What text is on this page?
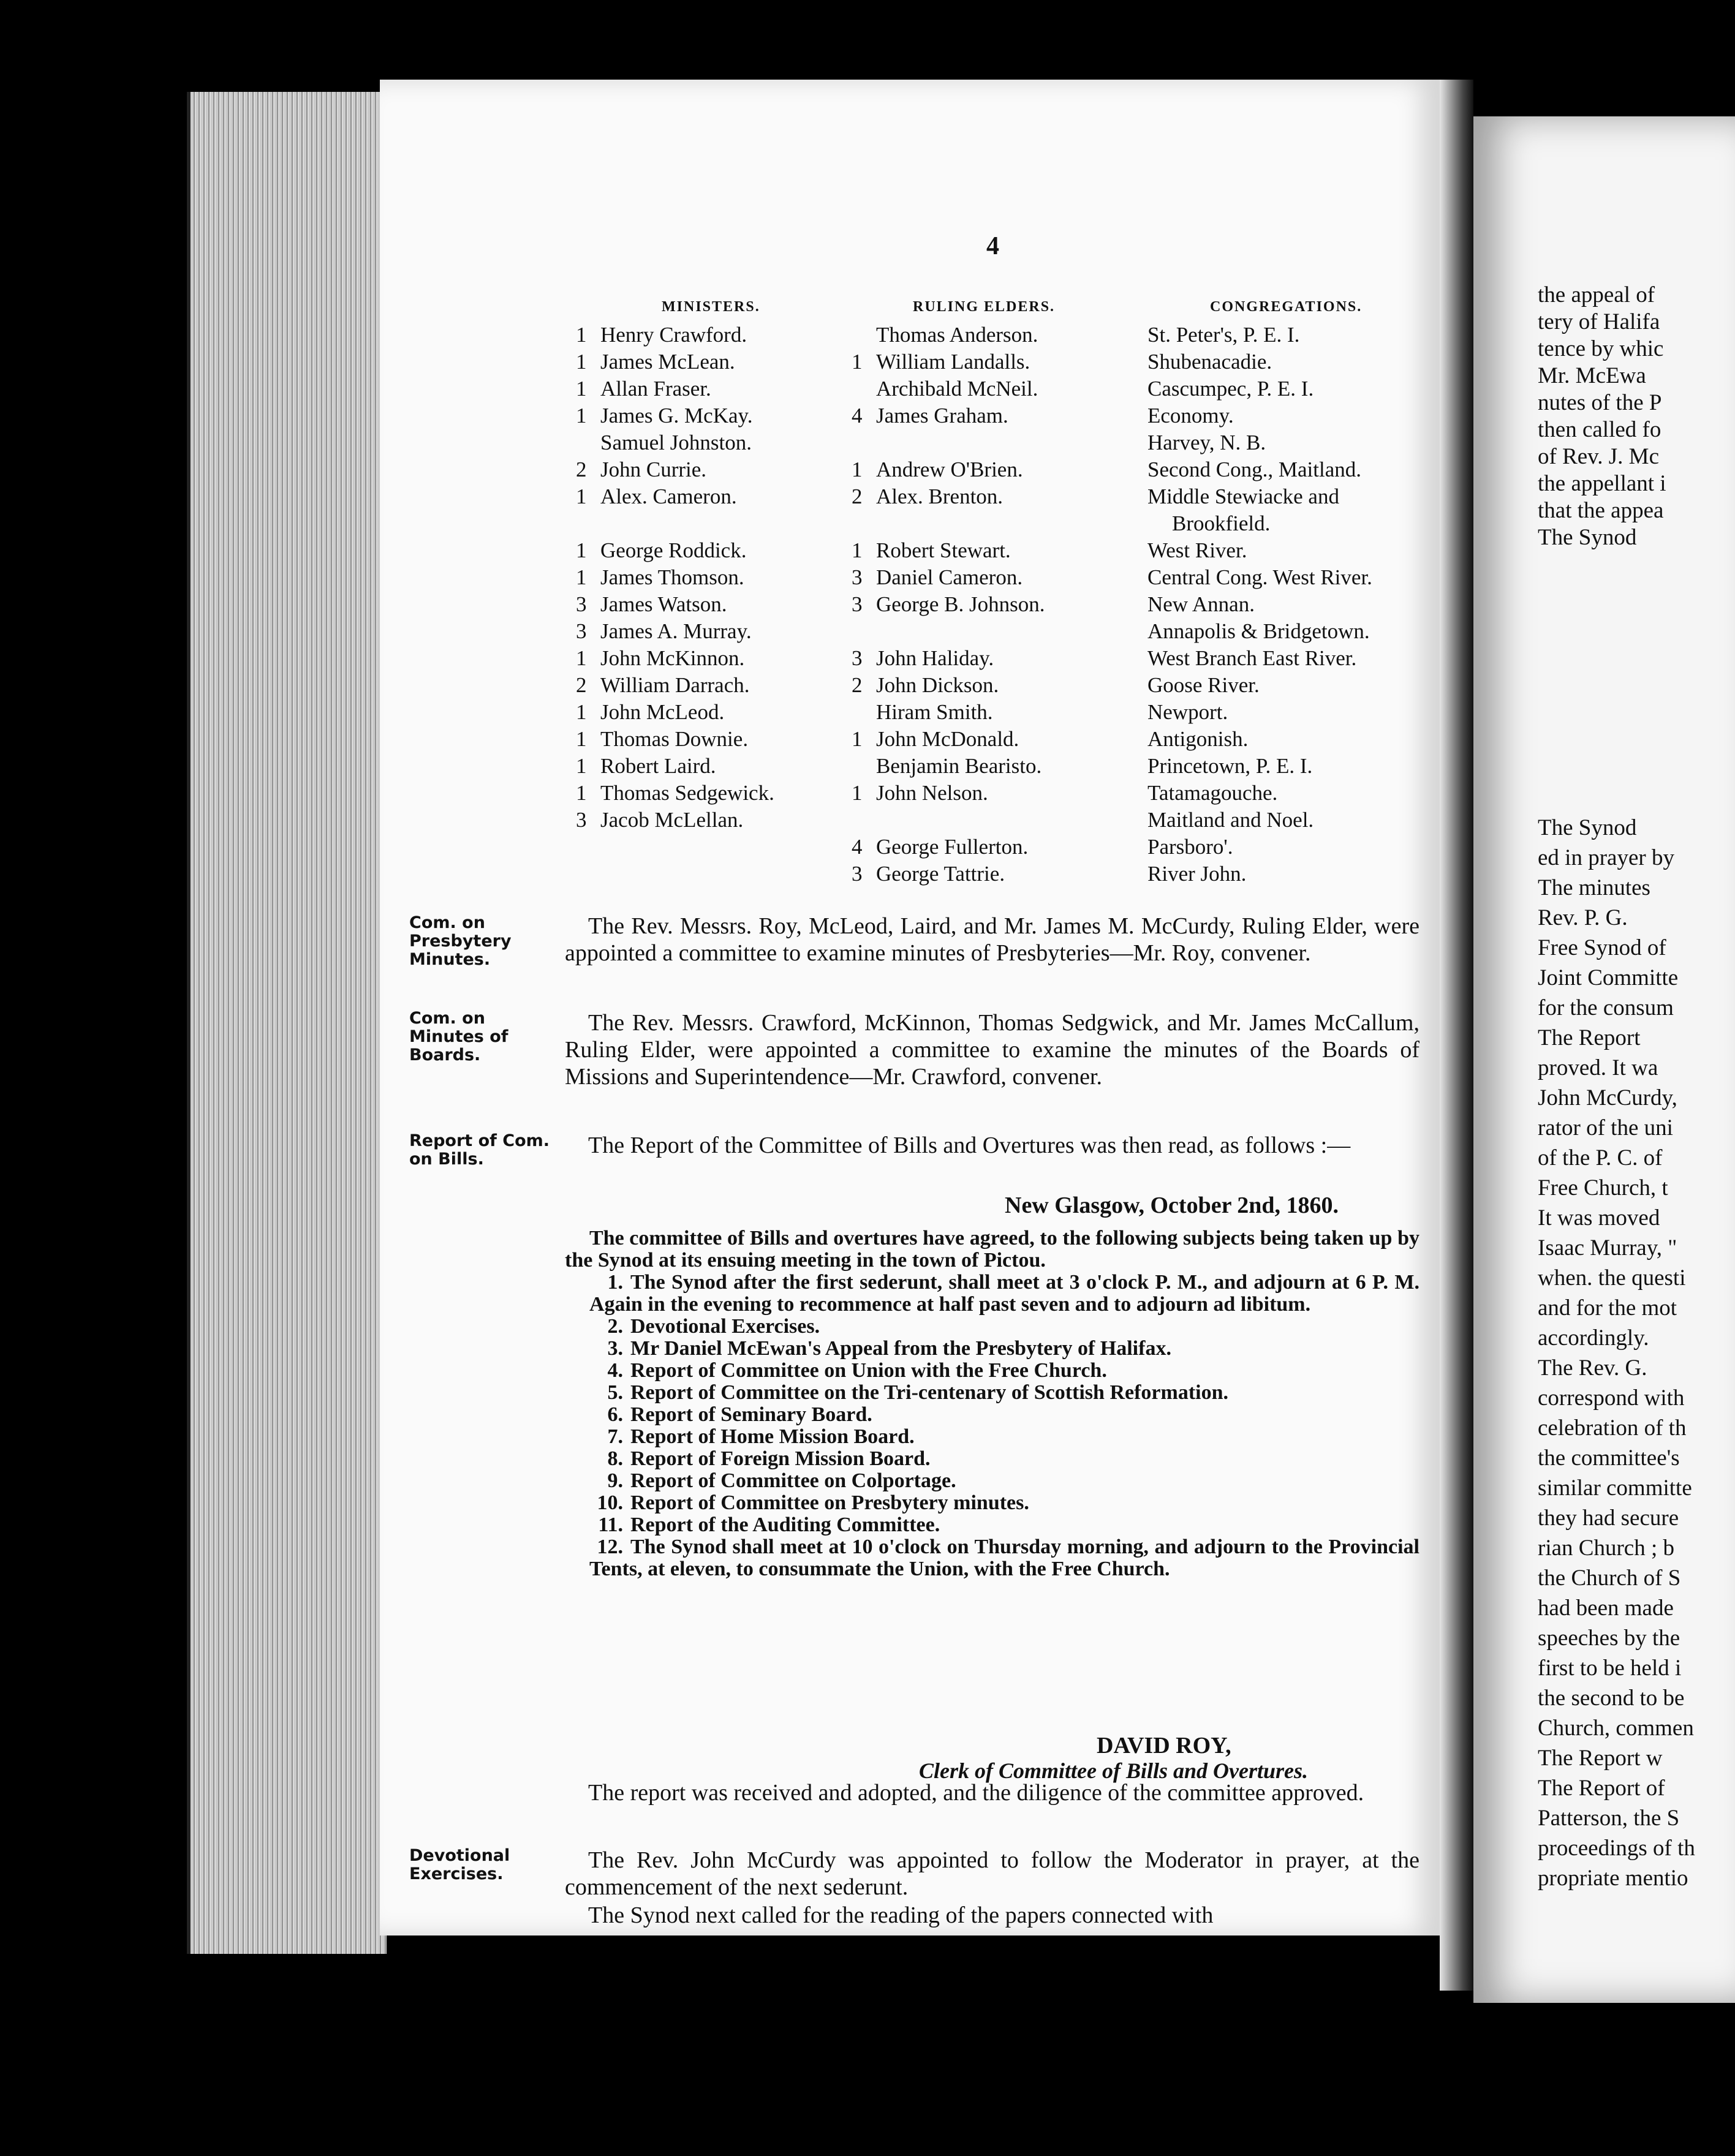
4
MINISTERS.	RULING ELDERS.	CONGREGATIONS.
1 Henry Crawford.
1 James McLean.
1 Allan Fraser.
1 James G. McKay.
Samuel Johnston.
2 John Currie.
1 Alex. Cameron.
1 George Roddick.
1 James Thomson.
3 James Watson.
3 James A. Murray.
1 John McKinnon.
2 William Darrach.
1 John McLeod.
1 Thomas Downie.
1 Robert Laird.
1 Thomas Sedgewick.
3 Jacob McLellan.
Thomas Anderson.
1 William Landalls.
Archibald McNeil.
4 James Graham.
1 Andrew O'Brien.
2 Alex. Brenton.
1 Robert Stewart.
3 Daniel Cameron.
3 George B. Johnson.
3 John Haliday.
2 John Dickson.
Hiram Smith.
1 John McDonald.
Benjamin Bearisto.
1 John Nelson.
4 George Fullerton.
3 George Tattrie.
St. Peter's, P. E. I.
Shubenacadie.
Cascumpec, P. E. I.
Economy.
Harvey, N. B.
Second Cong., Maitland.
Middle Stewiacke and
Brookfield.
West River.
Central Cong. West River.
New Annan.
Annapolis & Bridgetown.
West Branch East River.
Goose River.
Newport.
Antigonish.
Princetown, P. E. I.
Tatamagouche.
Maitland and Noel.
Parsboro'.
River John.
Com. on Presbytery Minutes.
Com. on Minutes of Boards.
Report of Com. on Bills.
Devotional Exercises.
The Rev. Messrs. Roy, McLeod, Laird, and Mr. James M. McCurdy, Ruling Elder, were appointed a committee to examine minutes of Presbyteries—Mr. Roy, convener.
The Rev. Messrs. Crawford, McKinnon, Thomas Sedgwick, and Mr. James McCallum, Ruling Elder, were appointed a committee to examine the minutes of the Boards of Missions and Superintendence—Mr. Crawford, convener.
The Report of the Committee of Bills and Overtures was then read, as follows :—
New Glasgow, October 2nd, 1860.
The committee of Bills and overtures have agreed, to the following subjects being taken up by the Synod at its ensuing meeting in the town of Pictou.
1. The Synod after the first sederunt, shall meet at 3 o'clock P. M., and adjourn at 6 P. M. Again in the evening to recommence at half past seven and to adjourn ad libitum.
2. Devotional Exercises.
3. Mr Daniel McEwan's Appeal from the Presbytery of Halifax.
4. Report of Committee on Union with the Free Church.
5. Report of Committee on the Tri-centenary of Scottish Reformation.
6. Report of Seminary Board.
7. Report of Home Mission Board.
8. Report of Foreign Mission Board.
9. Report of Committee on Colportage.
10. Report of Committee on Presbytery minutes.
11. Report of the Auditing Committee.
12. The Synod shall meet at 10 o'clock on Thursday morning, and adjourn to the Provincial Tents, at eleven, to consummate the Union, with the Free Church.
DAVID ROY,
Clerk of Committee of Bills and Overtures.
The report was received and adopted, and the diligence of the committee approved.
The Rev. John McCurdy was appointed to follow the Moderator in prayer, at the commencement of the next sederunt.
The Synod next called for the reading of the papers connected with
the appeal of
tery of Halifa
tence by whic
Mr. McEwa
nutes of the P
then called fo
of Rev. J. Mc
the appellant i
that the appea
The Synod
The Synod
ed in prayer by
The minutes
Rev. P. G.
Free Synod of
Joint Committe
for the consum
The Report
proved. It wa
John McCurdy,
rator of the uni
of the P. C. of
Free Church, t
It was moved
Isaac Murray, "
when. the questi
and for the mot
accordingly.
The Rev. G.
correspond with
celebration of th
the committee's
similar committe
they had secure
rian Church ; b
the Church of S
had been made
speeches by the
first to be held i
the second to be
Church, commen
The Report w
The Report of
Patterson, the S
proceedings of th
propriate mentio
